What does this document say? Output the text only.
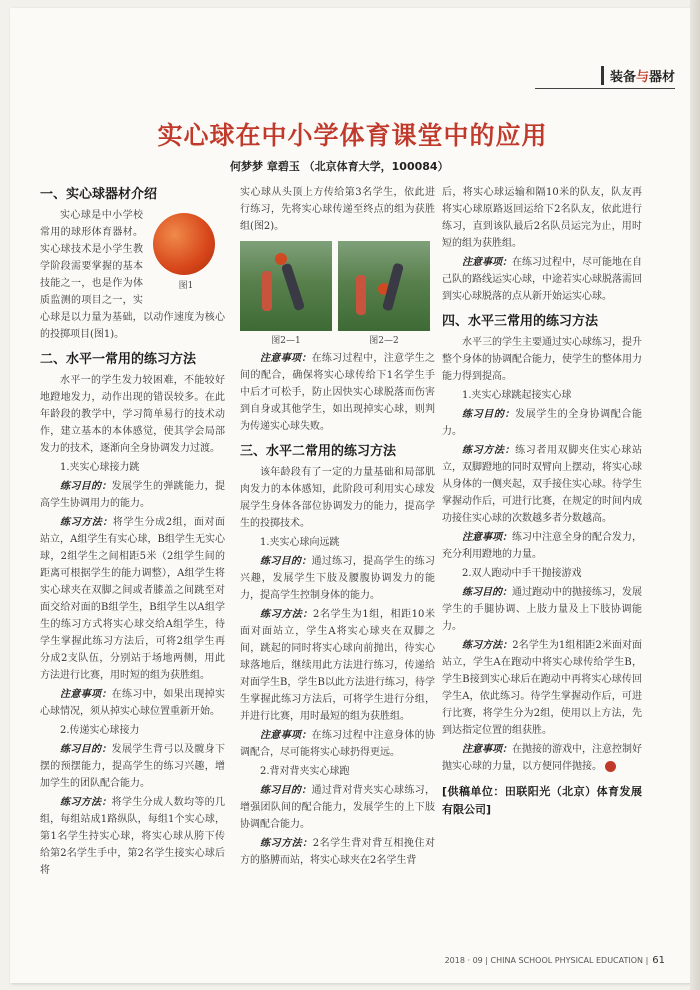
装备与器材
实心球在中小学体育课堂中的应用
何梦梦 章碧玉 （北京体育大学，100084）
一、实心球器材介绍
图1

实心球是中小学校常用的球形体育器材。实心球技术是小学生教学阶段需要掌握的基本技能之一，也是作为体质监测的项目之一，实心球是以力量为基础，以动作速度为核心的投掷项目(图1)。

二、水平一常用的练习方法

水平一的学生发力较困难，不能较好地蹬地发力，动作出现的错误较多。在此年龄段的教学中，学习简单易行的技术动作，建立基本的本体感觉，使其学会局部发力的技术，逐渐向全身协调发力过渡。

1.夹实心球接力跳

练习目的：发展学生的弹跳能力，提高学生协调用力的能力。

练习方法：将学生分成2组，面对面站立，A组学生有实心球，B组学生无实心球，2组学生之间相距5米（2组学生间的距离可根据学生的能力调整），A组学生将实心球夹在双脚之间或者膝盖之间跳至对面交给对面的B组学生，B组学生以A组学生的练习方式将实心球交给A组学生，待学生掌握此练习方法后，可将2组学生再分成2支队伍，分别站于场地两侧，用此方法进行比赛，用时短的组为获胜组。

注意事项：在练习中，如果出现掉实心球情况，须从掉实心球位置重新开始。

2.传递实心球接力

练习目的：发展学生背弓以及髋身下摆的预摆能力，提高学生的练习兴趣，增加学生的团队配合能力。

练习方法：将学生分成人数均等的几组，每组站成1路纵队，每组1个实心球，第1名学生持实心球，将实心球从胯下传给第2名学生手中，第2名学生接实心球后将

实心球从头顶上方传给第3名学生，依此进行练习，先将实心球传递至终点的组为获胜组(图2)。

图2—1	图2—2

注意事项：在练习过程中，注意学生之间的配合，确保将实心球传给下1名学生手中后才可松手，防止因快实心球脱落而伤害到自身或其他学生，如出现掉实心球，则判为传递实心球失败。

三、水平二常用的练习方法

该年龄段有了一定的力量基础和局部肌肉发力的本体感知，此阶段可利用实心球发展学生身体各部位协调发力的能力，提高学生的投掷技术。

1.夹实心球向远跳

练习目的：通过练习，提高学生的练习兴趣，发展学生下肢及腰腹协调发力的能力，提高学生控制身体的能力。

练习方法：2名学生为1组，相距10米面对面站立，学生A将实心球夹在双脚之间，跳起的同时将实心球向前抛出，待实心球落地后，继续用此方法进行练习，传递给对面学生B，学生B以此方法进行练习，待学生掌握此练习方法后，可将学生进行分组，并进行比赛，用时最短的组为获胜组。

注意事项：在练习过程中注意身体的协调配合，尽可能将实心球扔得更远。

2.背对背夹实心球跑

练习目的：通过背对背夹实心球练习，增强团队间的配合能力，发展学生的上下肢协调配合能力。

练习方法：2名学生背对背互相挽住对方的胳膊而站，将实心球夹在2名学生背

后，将实心球运输和隔10米的队友，队友再将实心球原路返回运给下2名队友，依此进行练习，直到该队最后2名队员运完为止，用时短的组为获胜组。

注意事项：在练习过程中，尽可能地在自己队的路线运实心球，中途若实心球脱落需回到实心球脱落的点从新开始运实心球。

四、水平三常用的练习方法

水平三的学生主要通过实心球练习，提升整个身体的协调配合能力，使学生的整体用力能力得到提高。

1.夹实心球跳起接实心球

练习目的：发展学生的全身协调配合能力。

练习方法：练习者用双脚夹住实心球站立，双脚蹬地的同时双臂向上摆动，将实心球从身体的一侧夹起，双手接住实心球。待学生掌握动作后，可进行比赛，在规定的时间内成功接住实心球的次数越多者分数越高。

注意事项：练习中注意全身的配合发力，充分利用蹬地的力量。

2.双人跑动中手干抛接游戏

练习目的：通过跑动中的抛接练习，发展学生的手腿协调、上肢力量及上下肢协调能力。

练习方法：2名学生为1组相距2米面对面站立，学生A在跑动中将实心球传给学生B，学生B接到实心球后在跑动中再将实心球传回学生A，依此练习。待学生掌握动作后，可进行比赛，将学生分为2组，使用以上方法，先到达指定位置的组获胜。

注意事项：在抛接的游戏中，注意控制好抛实心球的力量，以方便同伴抛接。

[供稿单位：田联阳光（北京）体育发展有限公司]
2018 · 09 | CHINA SCHOOL PHYSICAL EDUCATION | 61
